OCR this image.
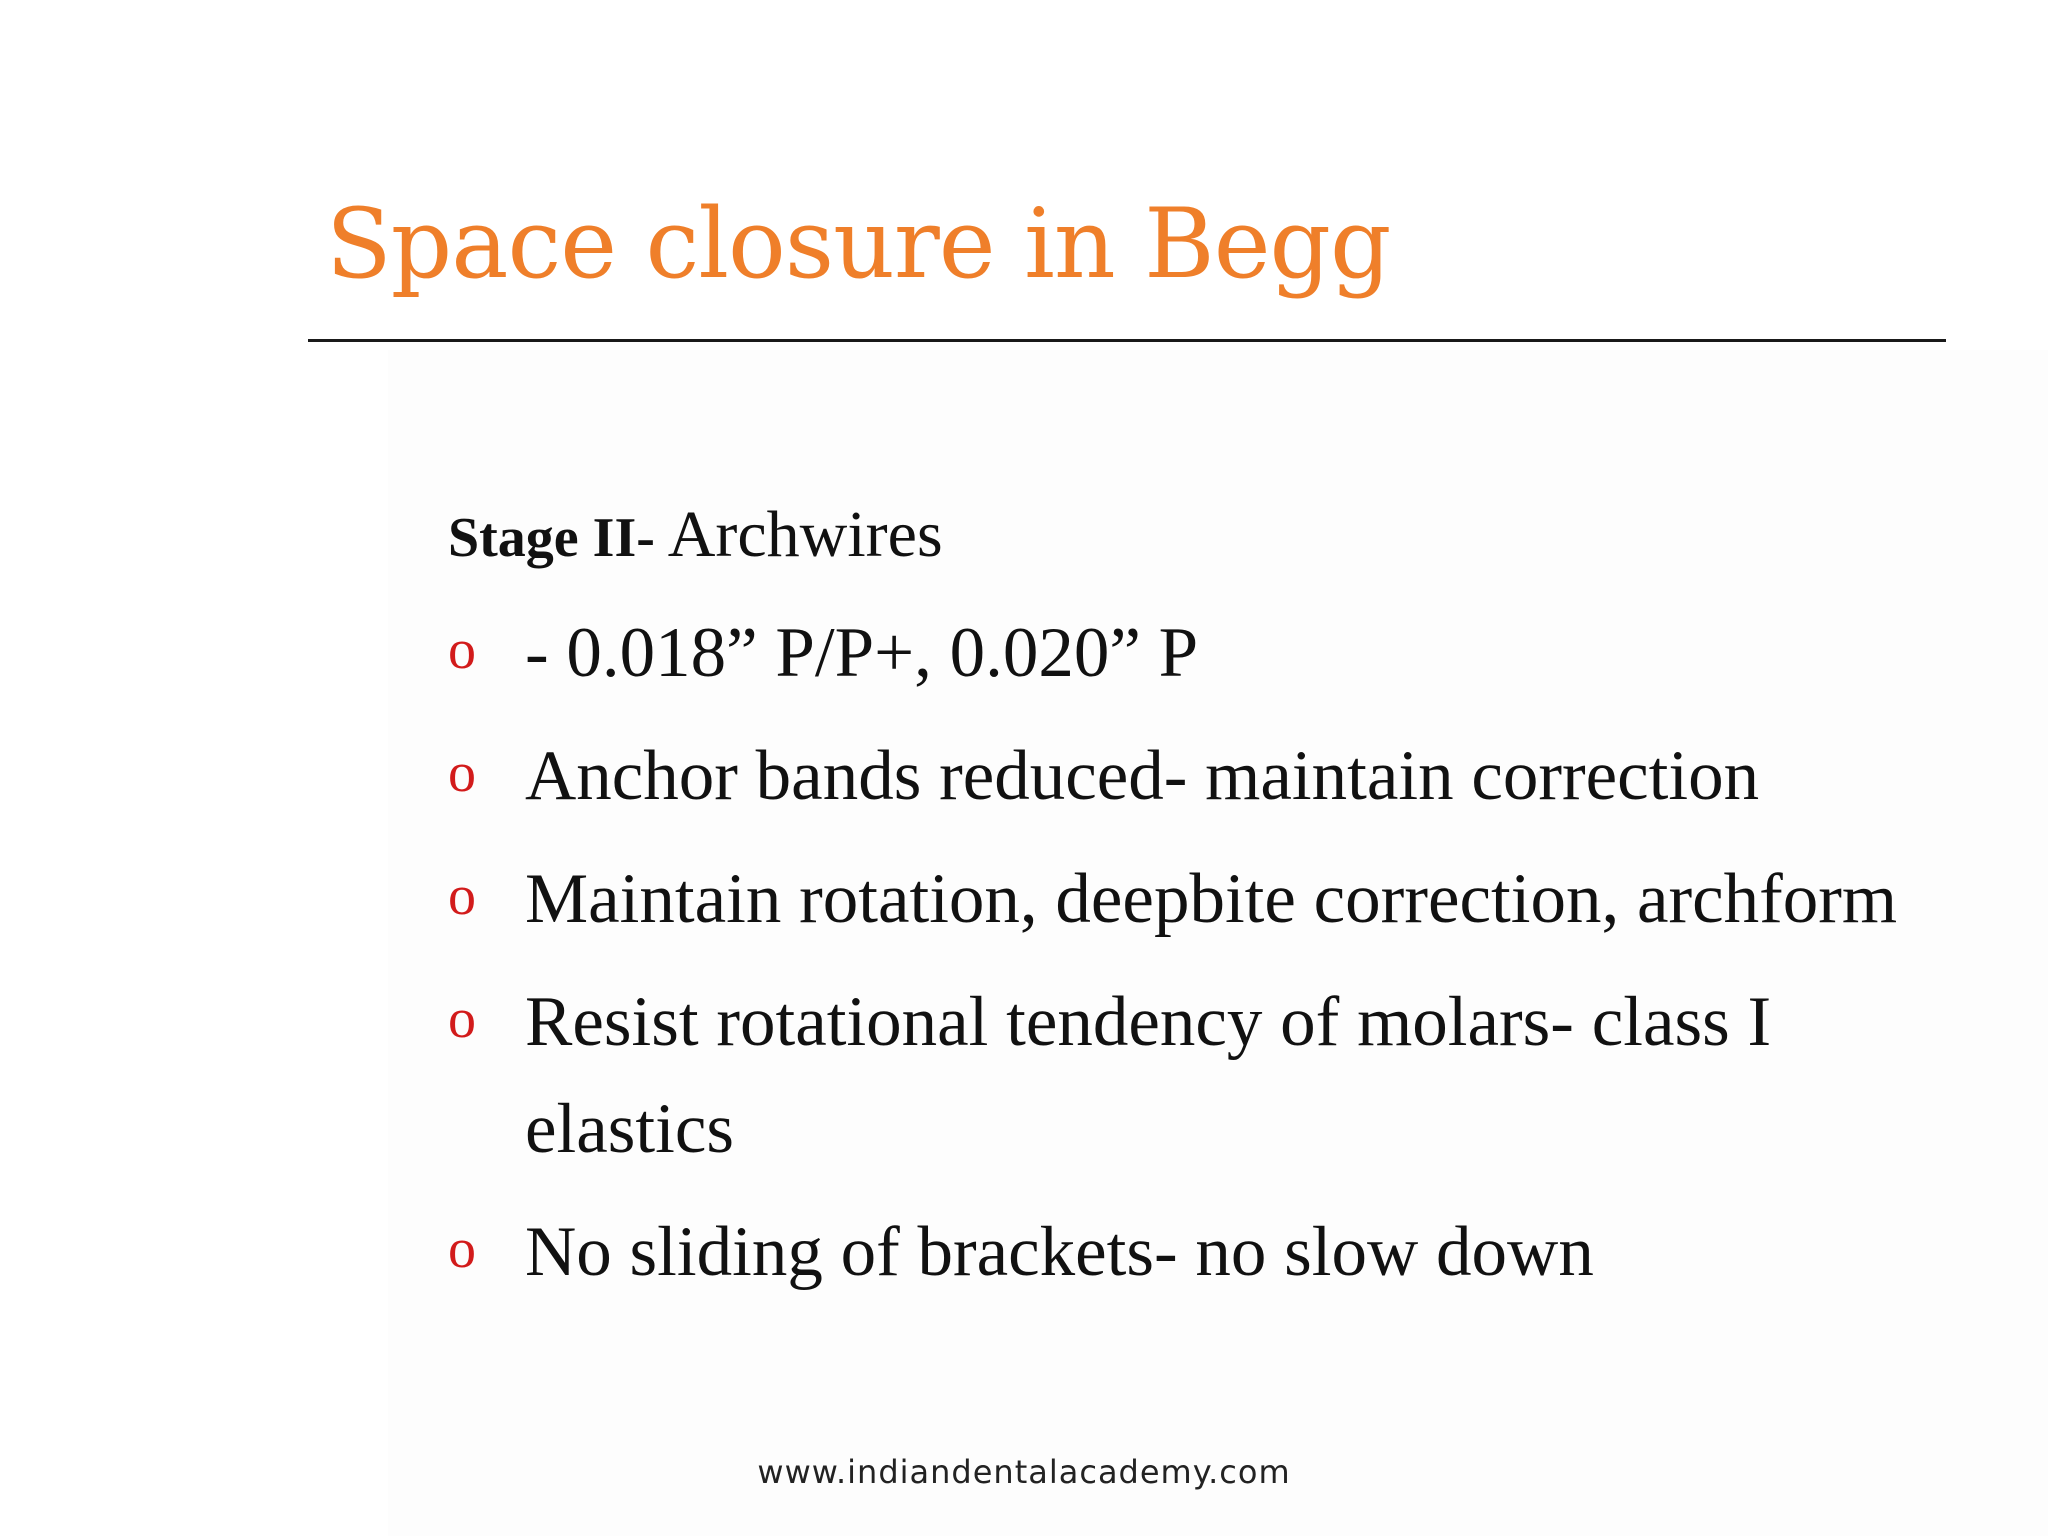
Space closure in Begg

Stage II- Archwires

o - 0.018” P/P+, 0.020” P
o Anchor bands reduced- maintain correction
o Maintain rotation, deepbite correction, archform
o Resist rotational tendency of molars- class I elastics
o No sliding of brackets- no slow down
www.indiandentalacademy.com
